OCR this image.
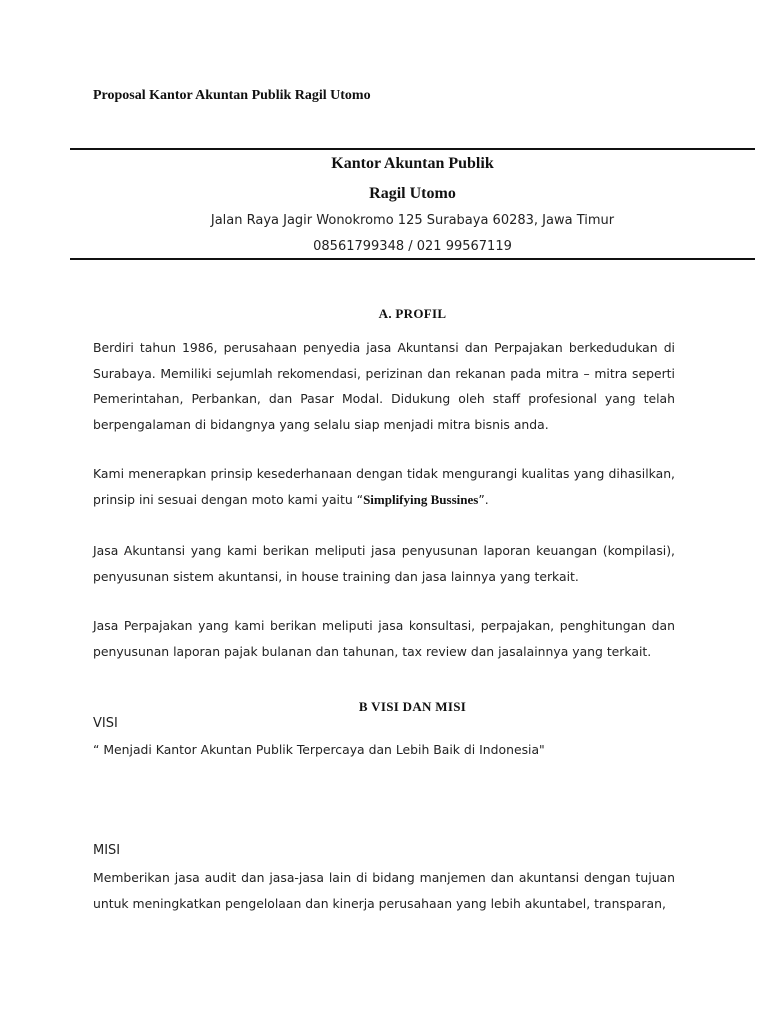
Proposal Kantor Akuntan Publik Ragil Utomo
Kantor Akuntan Publik
Ragil Utomo
Jalan Raya Jagir Wonokromo 125 Surabaya 60283, Jawa Timur
08561799348 / 021 99567119
A. PROFIL
Berdiri tahun 1986, perusahaan penyedia jasa Akuntansi dan Perpajakan berkedudukan di Surabaya. Memiliki sejumlah rekomendasi, perizinan dan rekanan pada mitra – mitra seperti Pemerintahan, Perbankan, dan Pasar Modal. Didukung oleh staff profesional yang telah berpengalaman di bidangnya yang selalu siap menjadi mitra bisnis anda.
Kami menerapkan prinsip kesederhanaan dengan tidak mengurangi kualitas yang dihasilkan, prinsip ini sesuai dengan moto kami yaitu “Simplifying Bussines”.
Jasa Akuntansi yang kami berikan meliputi jasa penyusunan laporan keuangan (kompilasi), penyusunan sistem akuntansi, in house training dan jasa lainnya yang terkait.
Jasa Perpajakan yang kami berikan meliputi jasa konsultasi, perpajakan, penghitungan dan penyusunan laporan pajak bulanan dan tahunan, tax review dan jasalainnya yang terkait.
B VISI DAN MISI
VISI
“ Menjadi Kantor Akuntan Publik Terpercaya dan Lebih Baik di Indonesia"
MISI
Memberikan jasa audit dan jasa-jasa lain di bidang manjemen dan akuntansi dengan tujuan untuk meningkatkan pengelolaan dan kinerja perusahaan yang lebih akuntabel, transparan,
